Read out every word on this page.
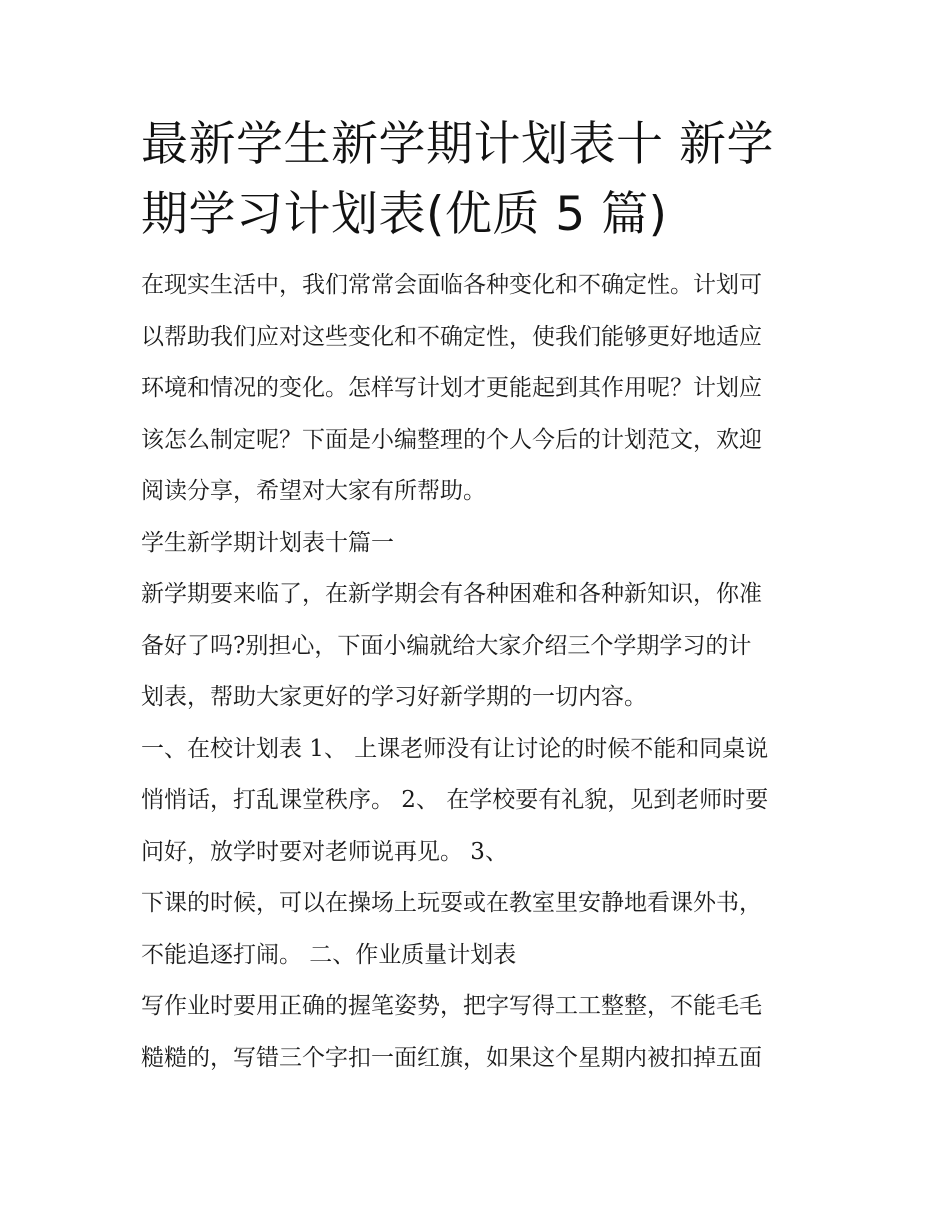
最新学生新学期计划表十 新学
期学习计划表(优质 5 篇)
在现实生活中，我们常常会面临各种变化和不确定性。计划可
以帮助我们应对这些变化和不确定性，使我们能够更好地适应
环境和情况的变化。怎样写计划才更能起到其作用呢？计划应
该怎么制定呢？下面是小编整理的个人今后的计划范文，欢迎
阅读分享，希望对大家有所帮助。
学生新学期计划表十篇一
新学期要来临了，在新学期会有各种困难和各种新知识，你准
备好了吗?别担心，下面小编就给大家介绍三个学期学习的计
划表，帮助大家更好的学习好新学期的一切内容。
一、在校计划表 1、 上课老师没有让讨论的时候不能和同桌说
悄悄话，打乱课堂秩序。 2、 在学校要有礼貌，见到老师时要
问好，放学时要对老师说再见。 3、
下课的时候，可以在操场上玩耍或在教室里安静地看课外书，
不能追逐打闹。 二、作业质量计划表
写作业时要用正确的握笔姿势，把字写得工工整整，不能毛毛
糙糙的，写错三个字扣一面红旗，如果这个星期内被扣掉五面
